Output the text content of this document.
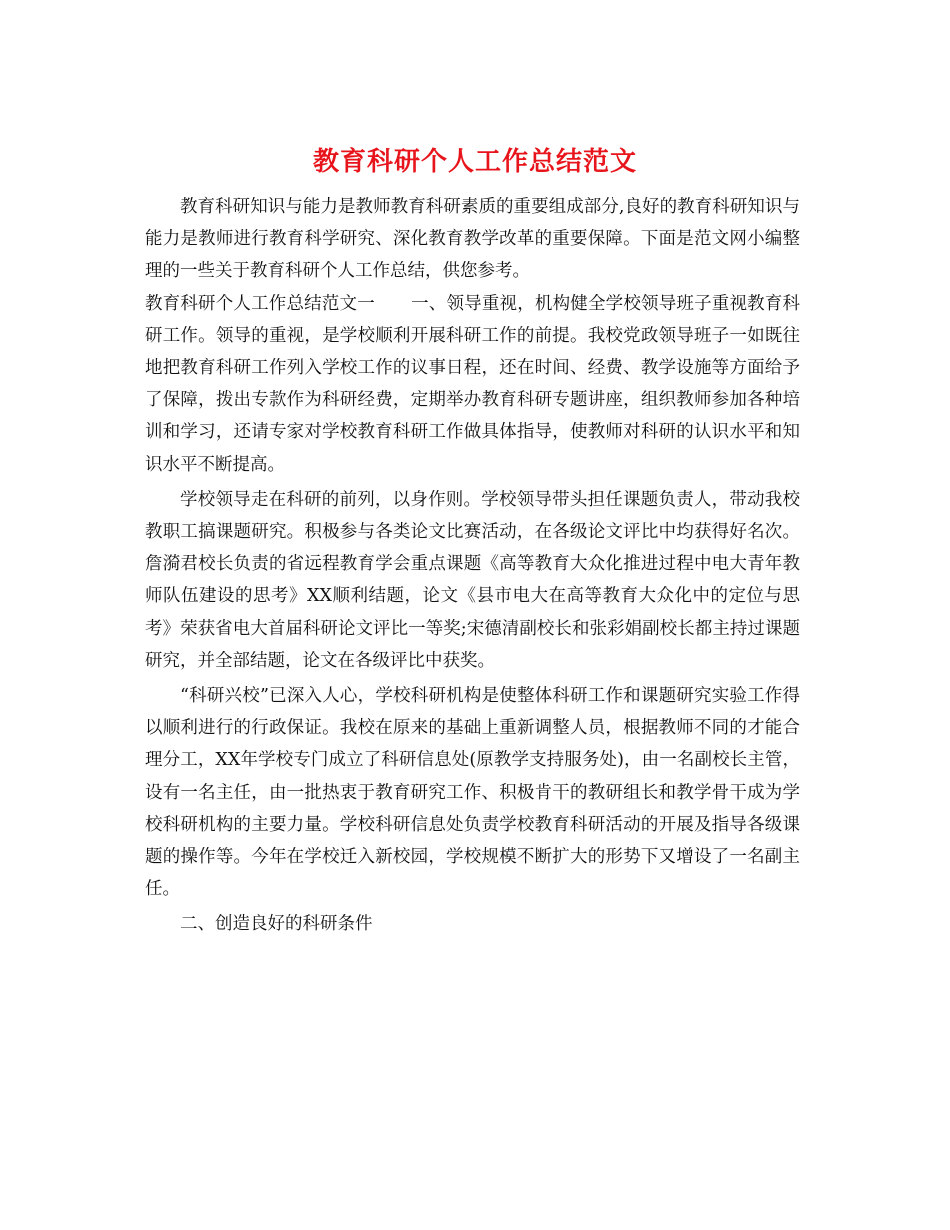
教育科研个人工作总结范文

教育科研知识与能力是教师教育科研素质的重要组成部分,良好的教育科研知识与能力是教师进行教育科学研究、深化教育教学改革的重要保障。下面是范文网小编整理的一些关于教育科研个人工作总结，供您参考。

教育科研个人工作总结范文一 一、领导重视，机构健全学校领导班子重视教育科研工作。领导的重视，是学校顺利开展科研工作的前提。我校党政领导班子一如既往地把教育科研工作列入学校工作的议事日程，还在时间、经费、教学设施等方面给予了保障，拨出专款作为科研经费，定期举办教育科研专题讲座，组织教师参加各种培训和学习，还请专家对学校教育科研工作做具体指导，使教师对科研的认识水平和知识水平不断提高。

学校领导走在科研的前列，以身作则。学校领导带头担任课题负责人，带动我校教职工搞课题研究。积极参与各类论文比赛活动，在各级论文评比中均获得好名次。詹漪君校长负责的省远程教育学会重点课题《高等教育大众化推进过程中电大青年教师队伍建设的思考》XX顺利结题，论文《县市电大在高等教育大众化中的定位与思考》荣获省电大首届科研论文评比一等奖;宋德清副校长和张彩娟副校长都主持过课题研究，并全部结题，论文在各级评比中获奖。

“科研兴校”已深入人心，学校科研机构是使整体科研工作和课题研究实验工作得以顺利进行的行政保证。我校在原来的基础上重新调整人员，根据教师不同的才能合理分工，XX年学校专门成立了科研信息处(原教学支持服务处)，由一名副校长主管，设有一名主任，由一批热衷于教育研究工作、积极肯干的教研组长和教学骨干成为学校科研机构的主要力量。学校科研信息处负责学校教育科研活动的开展及指导各级课题的操作等。今年在学校迁入新校园，学校规模不断扩大的形势下又增设了一名副主任。

二、创造良好的科研条件
